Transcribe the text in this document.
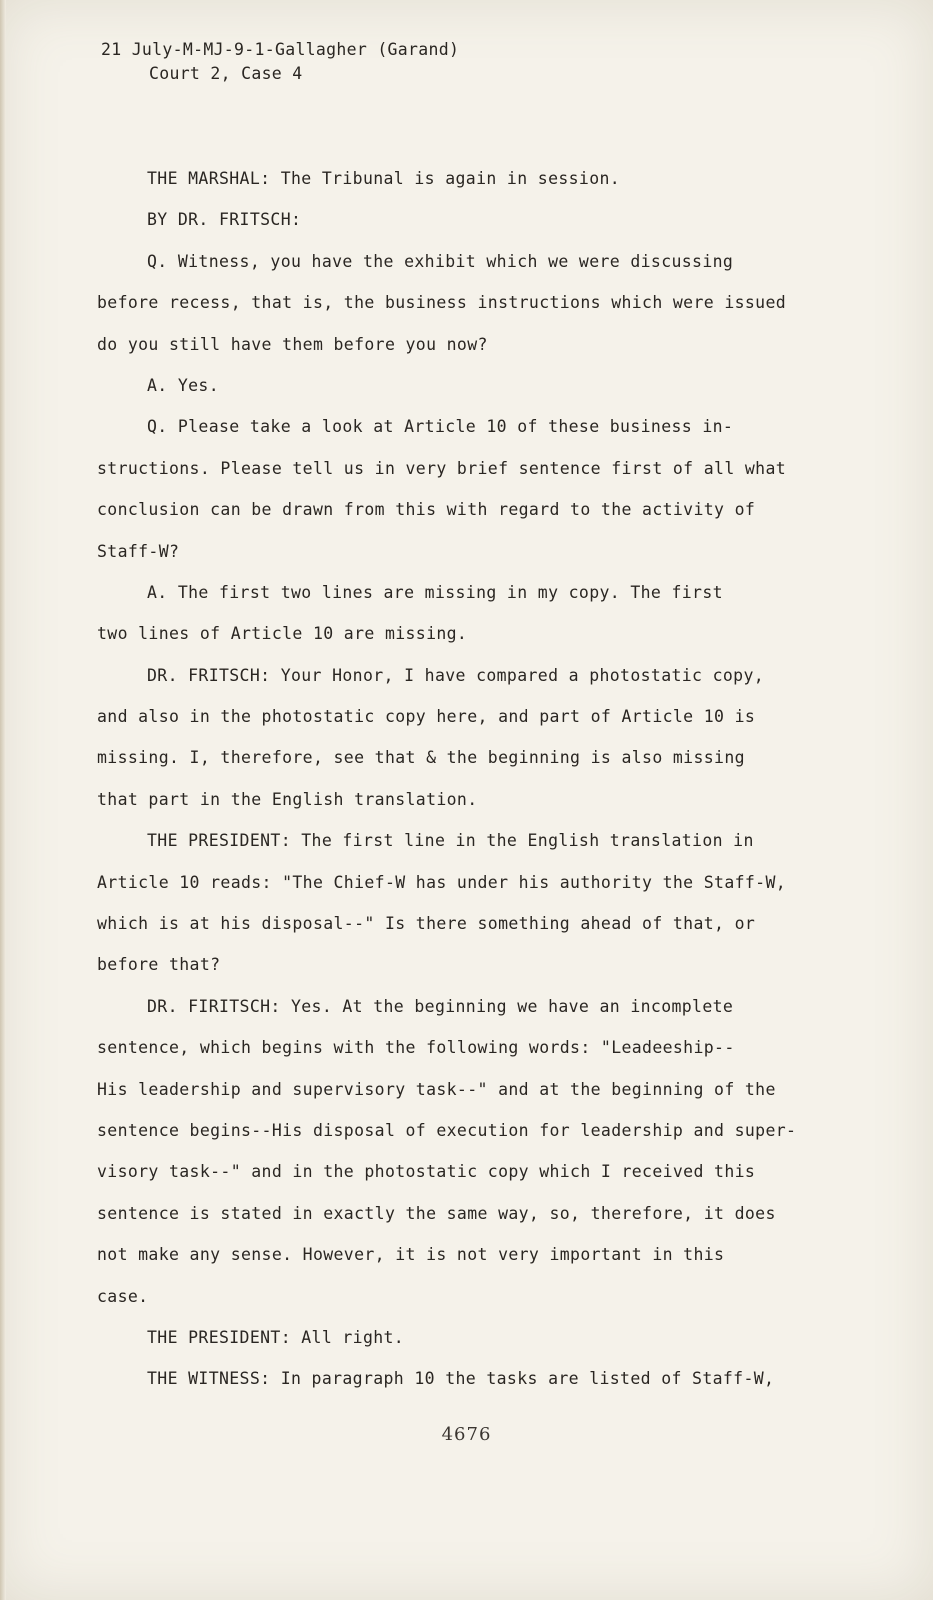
21 July-M-MJ-9-1-Gallagher (Garand)
Court 2, Case 4
THE MARSHAL: The Tribunal is again in session.
BY DR. FRITSCH:
Q. Witness, you have the exhibit which we were discussing
before recess, that is, the business instructions which were issued
do you still have them before you now?
A. Yes.
Q. Please take a look at Article 10 of these business in-
structions. Please tell us in very brief sentence first of all what
conclusion can be drawn from this with regard to the activity of
Staff-W?
A. The first two lines are missing in my copy. The first
two lines of Article 10 are missing.
DR. FRITSCH: Your Honor, I have compared a photostatic copy,
and also in the photostatic copy here, and part of Article 10 is
missing. I, therefore, see that & the beginning is also missing
that part in the English translation.
THE PRESIDENT: The first line in the English translation in
Article 10 reads: "The Chief-W has under his authority the Staff-W,
which is at his disposal--" Is there something ahead of that, or
before that?
DR. FIRITSCH: Yes. At the beginning we have an incomplete
sentence, which begins with the following words: "Leadeeship--
His leadership and supervisory task--" and at the beginning of the
sentence begins--His disposal of execution for leadership and super-
visory task--" and in the photostatic copy which I received this
sentence is stated in exactly the same way, so, therefore, it does
not make any sense. However, it is not very important in this
case.
THE PRESIDENT: All right.
THE WITNESS: In paragraph 10 the tasks are listed of Staff-W,
4676
